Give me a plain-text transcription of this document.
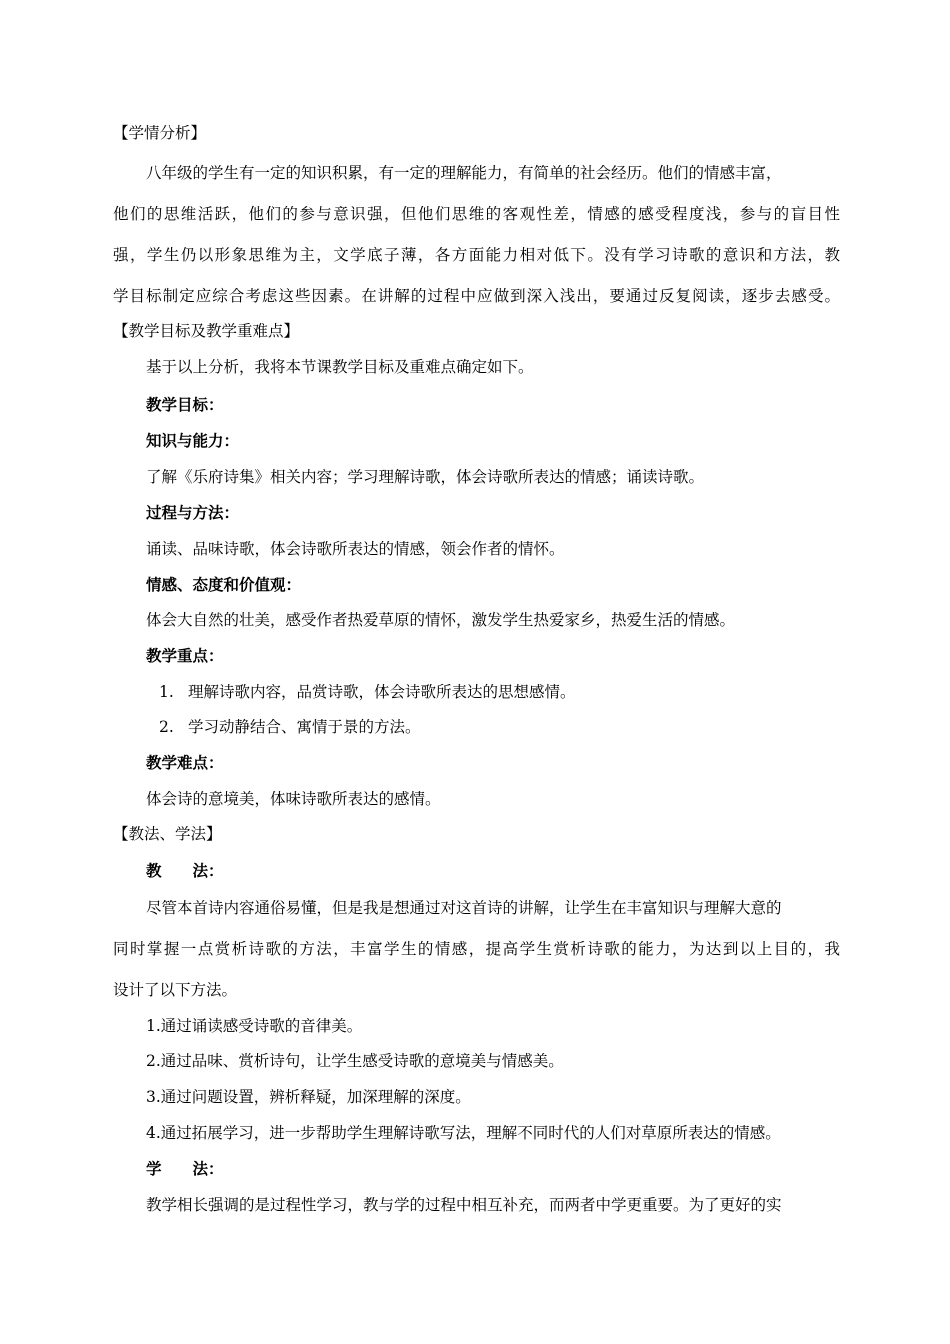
【学情分析】
八年级的学生有一定的知识积累，有一定的理解能力，有简单的社会经历。他们的情感丰富，
他们的思维活跃，他们的参与意识强，但他们思维的客观性差，情感的感受程度浅，参与的盲目性
强，学生仍以形象思维为主，文学底子薄，各方面能力相对低下。没有学习诗歌的意识和方法，教
学目标制定应综合考虑这些因素。在讲解的过程中应做到深入浅出，要通过反复阅读，逐步去感受。
【教学目标及教学重难点】
基于以上分析，我将本节课教学目标及重难点确定如下。
教学目标：
知识与能力：
了解《乐府诗集》相关内容；学习理解诗歌，体会诗歌所表达的情感；诵读诗歌。
过程与方法：
诵读、品味诗歌，体会诗歌所表达的情感，领会作者的情怀。
情感、态度和价值观：
体会大自然的壮美，感受作者热爱草原的情怀，激发学生热爱家乡，热爱生活的情感。
教学重点：
1. 理解诗歌内容，品赏诗歌，体会诗歌所表达的思想感情。
2. 学习动静结合、寓情于景的方法。
教学难点：
体会诗的意境美，体味诗歌所表达的感情。
【教法、学法】
教　　法：
尽管本首诗内容通俗易懂，但是我是想通过对这首诗的讲解，让学生在丰富知识与理解大意的
同时掌握一点赏析诗歌的方法，丰富学生的情感，提高学生赏析诗歌的能力，为达到以上目的，我
设计了以下方法。
1.通过诵读感受诗歌的音律美。
2.通过品味、赏析诗句，让学生感受诗歌的意境美与情感美。
3.通过问题设置，辨析释疑，加深理解的深度。
4.通过拓展学习，进一步帮助学生理解诗歌写法，理解不同时代的人们对草原所表达的情感。
学　　法：
教学相长强调的是过程性学习，教与学的过程中相互补充，而两者中学更重要。为了更好的实
